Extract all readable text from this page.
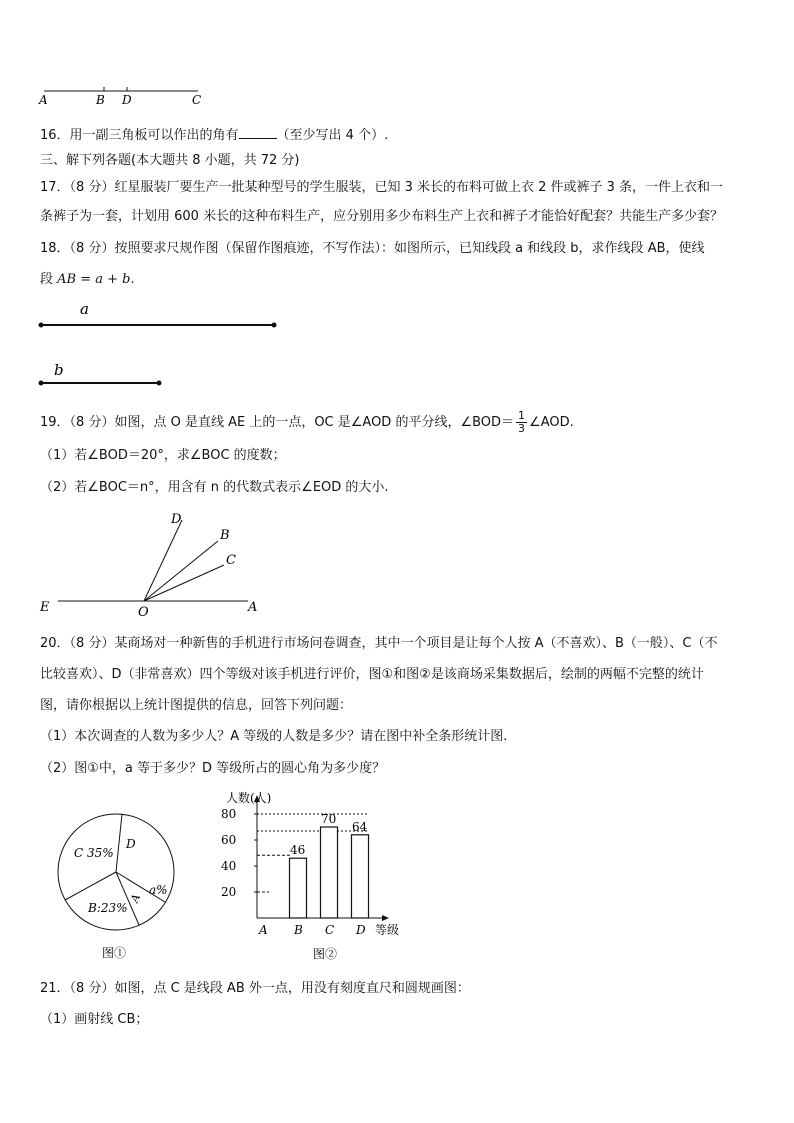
A	B D	C
16．用一副三角板可以作出的角有	（至少写出 4 个）.
三、解下列各题(本大题共 8 小题，共 72 分)
17．（8 分）红星服装厂要生产一批某种型号的学生服装，已知 3 米长的布料可做上衣 2 件或裤子 3 条，一件上衣和一
条裤子为一套，计划用 600 米长的这种布料生产，应分别用多少布料生产上衣和裤子才能恰好配套？共能生产多少套？
18．（8 分）按照要求尺规作图（保留作图痕迹，不写作法）：如图所示，已知线段 a 和线段 b，求作线段 AB，使线
段 AB = a + b.
a
b
19．（8 分）如图，点 O 是直线 AE 上的一点，OC 是∠AOD 的平分线，∠BOD＝ $\frac{1}{3}$ ∠AOD.
（1）若∠BOD＝20°，求∠BOC 的度数；
（2）若∠BOC＝n°，用含有 n 的代数式表示∠EOD 的大小.
D
B
C
E	O	A
20．（8 分）某商场对一种新售的手机进行市场问卷调查，其中一个项目是让每个人按 A（不喜欢）、B（一般）、C（不
比较喜欢）、D（非常喜欢）四个等级对该手机进行评价，图①和图②是该商场采集数据后，绘制的两幅不完整的统计
图，请你根据以上统计图提供的信息，回答下列问题：
（1）本次调查的人数为多少人？A 等级的人数是多少？请在图中补全条形统计图.
（2）图①中，a 等于多少？D 等级所占的圆心角为多少度？
C 35%
D
a%
A
B:23%
图①
人数(人)
等级
图②
20
40
60
80
46
70
64
A B C D
21．（8 分）如图，点 C 是线段 AB 外一点，用没有刻度直尺和圆规画图：
（1）画射线 CB；
